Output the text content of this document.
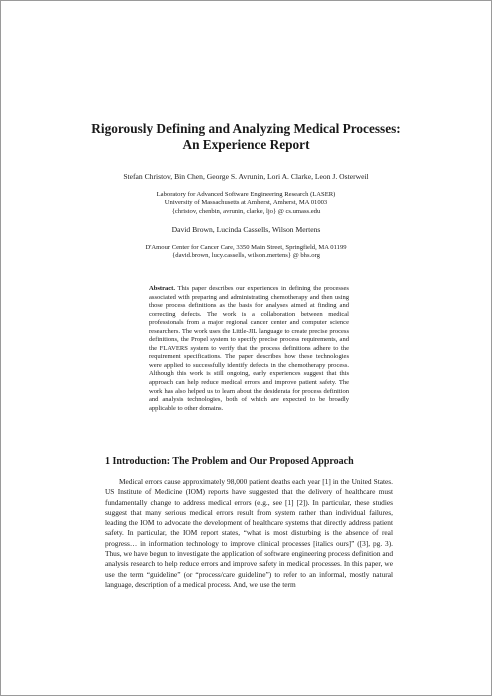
Rigorously Defining and Analyzing Medical Processes:
An Experience Report
Stefan Christov, Bin Chen, George S. Avrunin, Lori A. Clarke, Leon J. Osterweil
Laboratory for Advanced Software Engineering Research (LASER)
University of Massachusetts at Amherst, Amherst, MA 01003
{christov, chenbin, avrunin, clarke, ljo} @ cs.umass.edu
David Brown, Lucinda Cassells, Wilson Mertens
D'Amour Center for Cancer Care, 3350 Main Street, Springfield, MA 01199
{david.brown, lucy.cassells, wilson.mertens} @ bhs.org
Abstract. This paper describes our experiences in defining the processes associated with preparing and administrating chemotherapy and then using those process definitions as the basis for analyses aimed at finding and correcting defects. The work is a collaboration between medical professionals from a major regional cancer center and computer science researchers. The work uses the Little-JIL language to create precise process definitions, the Propel system to specify precise process requirements, and the FLAVERS system to verify that the process definitions adhere to the requirement specifications. The paper describes how these technologies were applied to successfully identify defects in the chemotherapy process. Although this work is still ongoing, early experiences suggest that this approach can help reduce medical errors and improve patient safety. The work has also helped us to learn about the desiderata for process definition and analysis technologies, both of which are expected to be broadly applicable to other domains.
1 Introduction: The Problem and Our Proposed Approach

Medical errors cause approximately 98,000 patient deaths each year [1] in the United States. US Institute of Medicine (IOM) reports have suggested that the delivery of healthcare must fundamentally change to address medical errors (e.g., see [1] [2]). In particular, these studies suggest that many serious medical errors result from system rather than individual failures, leading the IOM to advocate the development of healthcare systems that directly address patient safety. In particular, the IOM report states, “what is most disturbing is the absence of real progress… in information technology to improve clinical processes [italics ours]” ([3], pg. 3). Thus, we have begun to investigate the application of software engineering process definition and analysis research to help reduce errors and improve safety in medical processes. In this paper, we use the term “guideline” (or “process/care guideline”) to refer to an informal, mostly natural language, description of a medical process. And, we use the term
